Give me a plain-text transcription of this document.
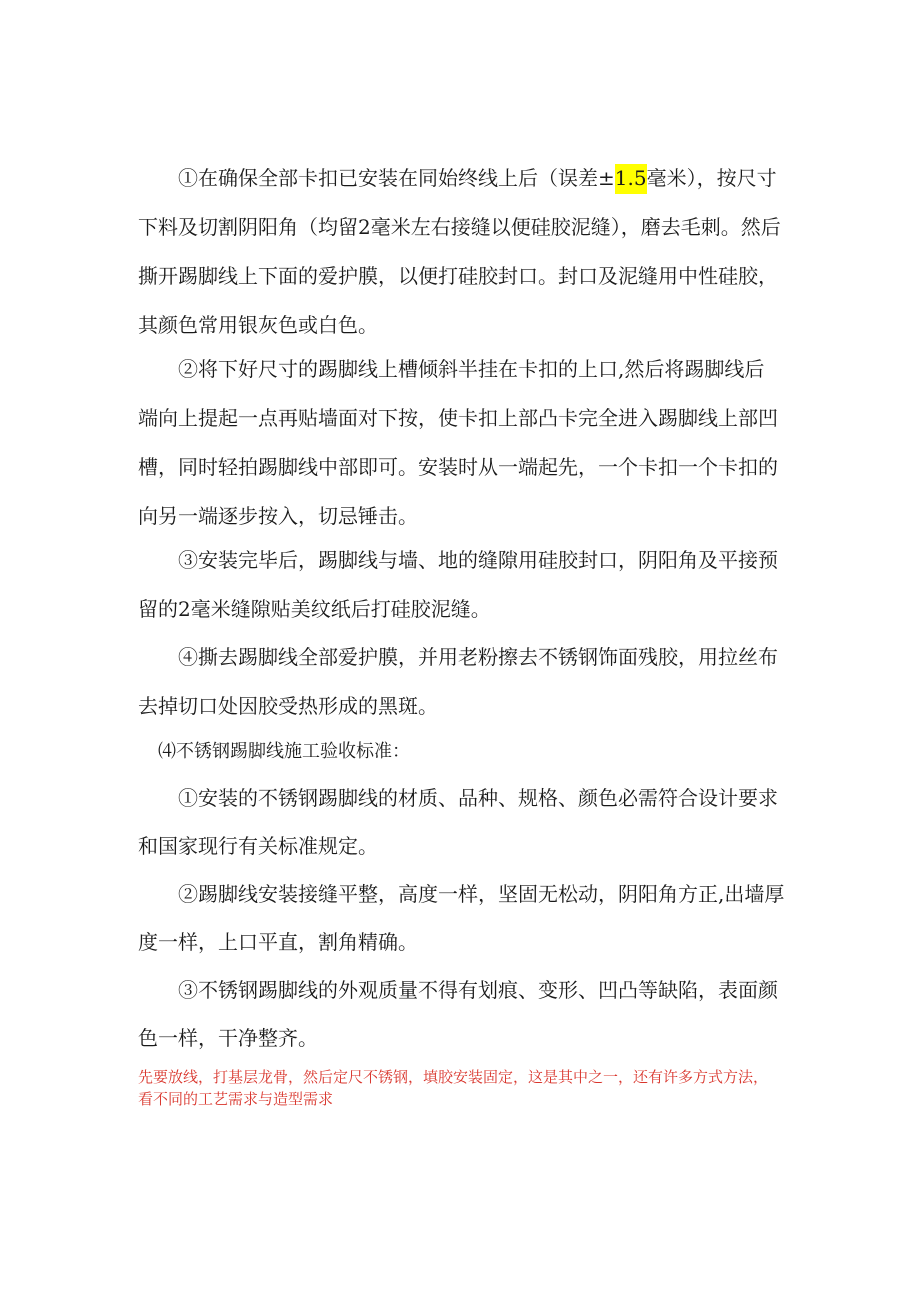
①在确保全部卡扣已安装在同始终线上后（误差±1.5毫米），按尺寸
下料及切割阴阳角（均留2毫米左右接缝以便硅胶泥缝），磨去毛刺。然后
撕开踢脚线上下面的爱护膜，以便打硅胶封口。封口及泥缝用中性硅胶，
其颜色常用银灰色或白色。
②将下好尺寸的踢脚线上槽倾斜半挂在卡扣的上口,然后将踢脚线后
端向上提起一点再贴墙面对下按，使卡扣上部凸卡完全进入踢脚线上部凹
槽，同时轻拍踢脚线中部即可。安装时从一端起先，一个卡扣一个卡扣的
向另一端逐步按入，切忌锤击。
③安装完毕后，踢脚线与墙、地的缝隙用硅胶封口，阴阳角及平接预
留的2毫米缝隙贴美纹纸后打硅胶泥缝。
④撕去踢脚线全部爱护膜，并用老粉擦去不锈钢饰面残胶，用拉丝布
去掉切口处因胶受热形成的黑斑。
⑷不锈钢踢脚线施工验收标准：
①安装的不锈钢踢脚线的材质、品种、规格、颜色必需符合设计要求
和国家现行有关标准规定。
②踢脚线安装接缝平整，高度一样，坚固无松动，阴阳角方正,出墙厚
度一样，上口平直，割角精确。
③不锈钢踢脚线的外观质量不得有划痕、变形、凹凸等缺陷，表面颜
色一样，干净整齐。
先要放线，打基层龙骨，然后定尺不锈钢，填胶安装固定，这是其中之一，还有许多方式方法，
看不同的工艺需求与造型需求
